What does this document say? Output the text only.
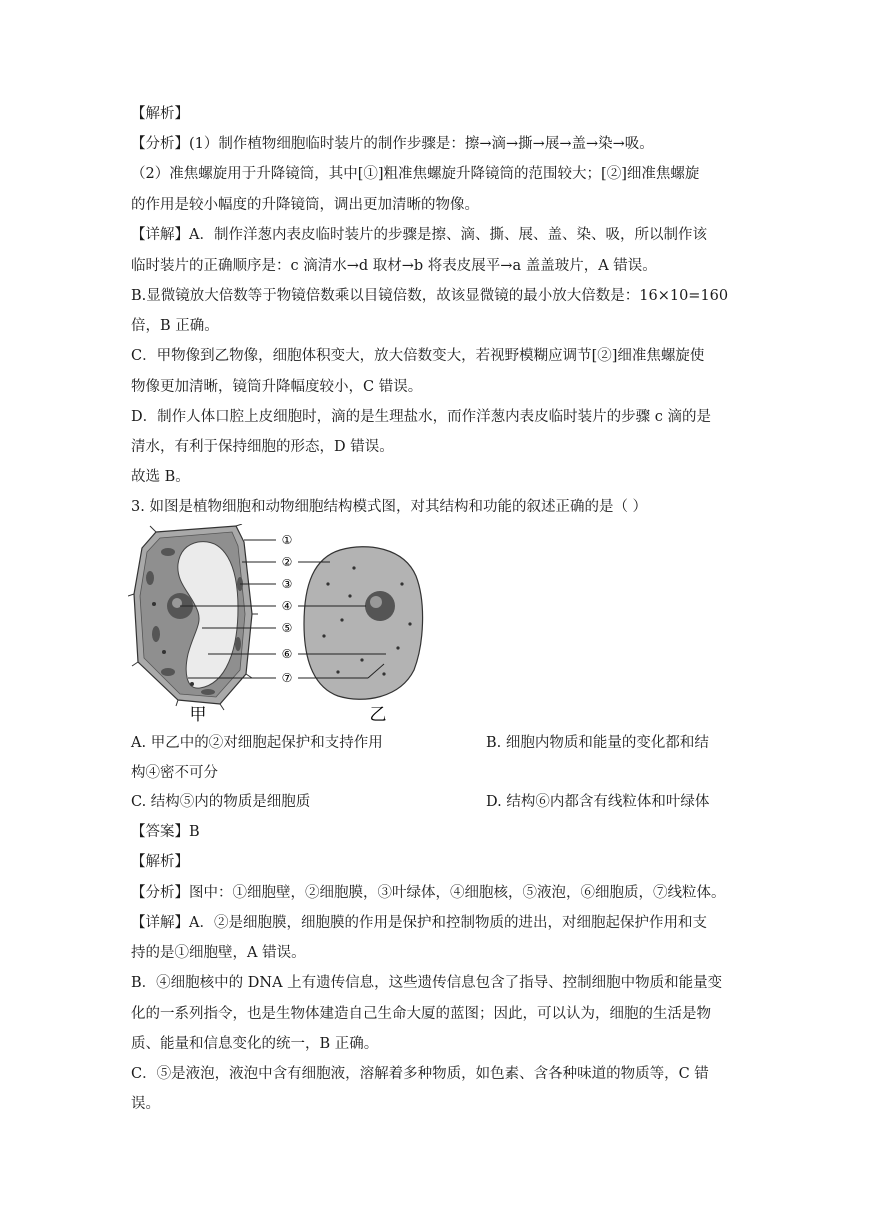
【解析】
【分析】(1）制作植物细胞临时装片的制作步骤是：擦→滴→撕→展→盖→染→吸。
（2）准焦螺旋用于升降镜筒，其中[①]粗准焦螺旋升降镜筒的范围较大；[②]细准焦螺旋
的作用是较小幅度的升降镜筒，调出更加清晰的物像。
【详解】A．制作洋葱内表皮临时装片的步骤是擦、滴、撕、展、盖、染、吸，所以制作该
临时装片的正确顺序是：c 滴清水→d 取材→b 将表皮展平→a 盖盖玻片，A 错误。
B.显微镜放大倍数等于物镜倍数乘以目镜倍数，故该显微镜的最小放大倍数是：16×10=160
倍，B 正确。
C．甲物像到乙物像，细胞体积变大，放大倍数变大，若视野模糊应调节[②]细准焦螺旋使
物像更加清晰，镜筒升降幅度较小，C 错误。
D．制作人体口腔上皮细胞时，滴的是生理盐水，而作洋葱内表皮临时装片的步骤 c 滴的是
清水，有利于保持细胞的形态，D 错误。
故选 B。
3. 如图是植物细胞和动物细胞结构模式图，对其结构和功能的叙述正确的是（ ）
①
②
③
④
⑤
⑥
⑦
甲	乙
A. 甲乙中的②对细胞起保护和支持作用	B. 细胞内物质和能量的变化都和结
构④密不可分
C. 结构⑤内的物质是细胞质	D. 结构⑥内都含有线粒体和叶绿体
【答案】B
【解析】
【分析】图中：①细胞壁，②细胞膜，③叶绿体，④细胞核，⑤液泡，⑥细胞质，⑦线粒体。
【详解】A．②是细胞膜，细胞膜的作用是保护和控制物质的进出，对细胞起保护作用和支
持的是①细胞壁，A 错误。
B．④细胞核中的 DNA 上有遗传信息，这些遗传信息包含了指导、控制细胞中物质和能量变
化的一系列指令，也是生物体建造自己生命大厦的蓝图；因此，可以认为，细胞的生活是物
质、能量和信息变化的统一，B 正确。
C．⑤是液泡，液泡中含有细胞液，溶解着多种物质，如色素、含各种味道的物质等，C 错
误。
